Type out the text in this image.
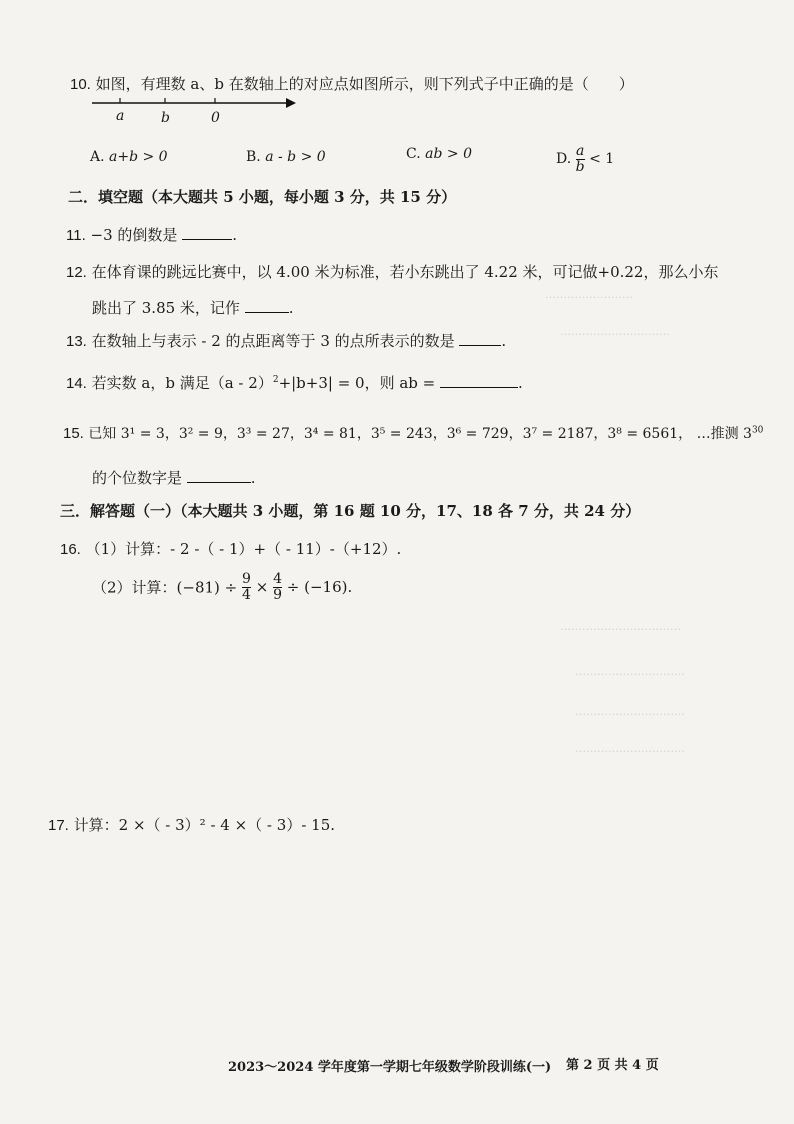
……………………
…………………………
……………………………
…………………………
…………………………
…………………………
10. 如图，有理数 a、b 在数轴上的对应点如图所示，则下列式子中正确的是（　　）
a	b	0
A. a+b > 0	B. a - b > 0	C. ab > 0	D. $\frac{a}{b} < 1$
二．填空题（本大题共 5 小题，每小题 3 分，共 15 分）
11. −3 的倒数是	.
12. 在体育课的跳远比赛中，以 4.00 米为标准，若小东跳出了 4.22 米，可记做+0.22，那么小东
跳出了 3.85 米，记作	.
13. 在数轴上与表示 - 2 的点距离等于 3 的点所表示的数是	.
14. 若实数 a，b 满足（a - 2）$^2$+|b+3| = 0，则 ab =	.
15. 已知 3¹ = 3，3² = 9，3³ = 27，3⁴ = 81，3⁵ = 243，3⁶ = 729，3⁷ = 2187，3⁸ = 6561， …推测 $3^{30}$
的个位数字是	.
三．解答题（一）（本大题共 3 小题，第 16 题 10 分，17、18 各 7 分，共 24 分）
16. （1）计算：- 2 -（ - 1）+（ - 11）-（+12）.
（2）计算：$(-81) \div \frac{9}{4} \times \frac{4}{9} \div (-16)$.
17. 计算：2 ×（ - 3）² - 4 ×（ - 3）- 15.
2023～2024 学年度第一学期七年级数学阶段训练(一) 第 2 页 共 4 页
